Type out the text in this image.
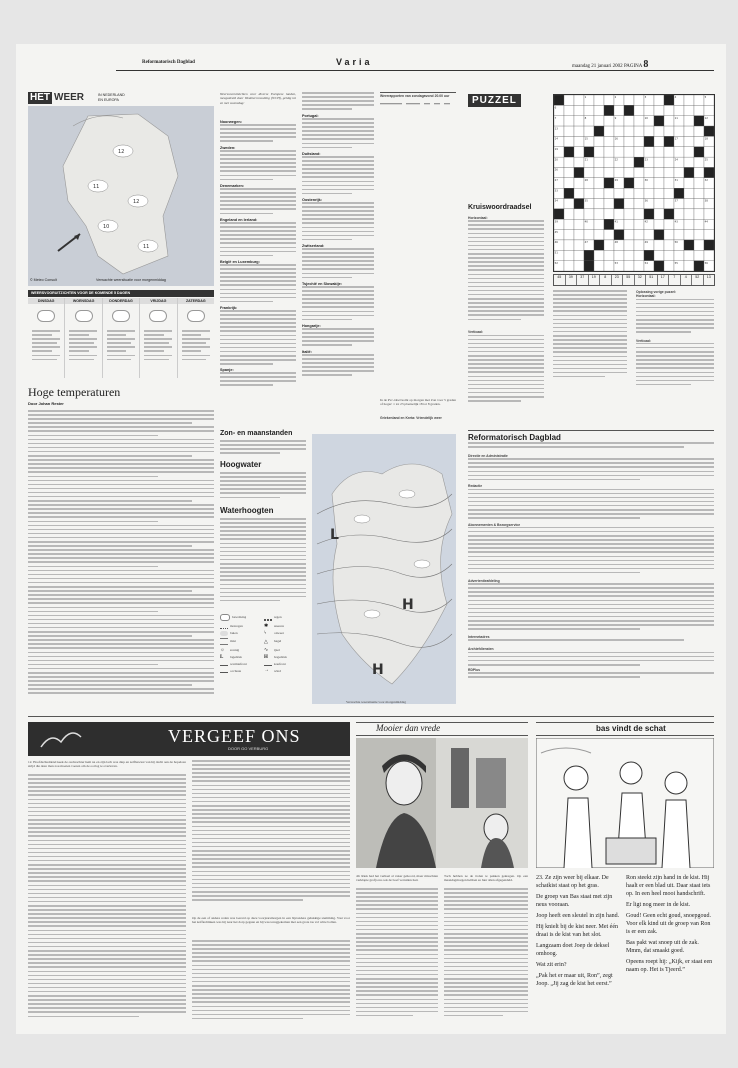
Reformatorisch Dagblad	Varia	maandag 21 januari 2002 PAGINA 8
HET WEER	IN NEDERLAND
EN EUROPA
12
11
12
10
11
© Meteo Consult	Verwachte weersituatie voor morgenmiddag
WEERSVOORUITZICHTEN VOOR DE KOMENDE 5 DAGEN
DINSDAG	WOENSDAG	DONDERDAG	VRIJDAG	ZATERDAG
Hoge temperaturen
Door Johan Rester
Weersvooruitzichten voor diverse Europese landen, meegedeeld door Weatherconsulting (WCH), geldig tot en met woensdag:
Noorwegen:
Zweden:
Denemarken:
Engeland en Ierland:
België en Luxemburg:
Frankrijk:
Spanje:
Portugal:
Duitsland:
Oostenrijk:
Zwitserland:
Tsjechië en Slowakije:
Hongarije:
Italië:
Weerrapporten van zondagavond 20.00 uur
In de Pvc-tabel komt op morgen mei Zon voor 5 graden of hoger: 1 tot 23 plaatselijk 18 tot 8 graden.
Griekenland en Kreta: Vriendelijk weer
Zon- en maanstanden
Hoogwater
Waterhoogten
bewolking	regen
motregen	✱	sneeuw
buien	ϟ	onweer
mist	△	hagel
☼	zonnig	∿	ijzel
L	lagedruk	H	hogedruk
warmtefront	koufront
occlusie	→	wind
L
H
H
Verwachte weersituatie voor morgenmiddag
PUZZEL
Kruiswoordraadsel
Horizontaal:
Verticaal:
1	2	3	4	5
6
7	8	9	10	11	12
13
14	15	16	17	18
19
20	21	22	23	24	25
26
27	28	29	30	31	32
33
34	35	36	37	38
39	40	41	42	43	44
45
46	47	48	49	50
51
52	53	54	55	56
45	39	37	19	8	23	55	32	51	17	7	4	52	13
Oplossing vorige puzzel:
Horizontaal:
Verticaal:
Reformatorisch Dagblad
Directie en Administratie
Redactie
Abonnementen & Bezorgservice
Advertentieafdeling
Internetadres
Archiefdiensten
RDPlus
VERGEEF ONS
DOOR GO VERBURG
12. Hoofdschuddend keek de oudwachter hem na en zijn lach was diep en zelfbewust van hij dacht aan de hopeloze strijd die deze man zou moeten voeren om de oorlog te overleven.
Op de een of andere reden was Gerard op deze voorjaarsmorgen in een bijzondere gelukkige stemming. Vast voor het koffiedrinken was hij naar het dorp gegaan en hij was teruggekomen met een grote tas vol witte bollen.
Mooier dan vrede
40. Riek had het verhaal al vaker gehoord, maar misschien verklapte grofja nu ook de boef verruilen had.
Toch hebben ze de Joden te pakken gekregen. Op een maandagmorgen hebben ze hier allen afgegendeld.
bas vindt de schat
23. Ze zijn weer bij elkaar. De schatkist staat op het gras.
De groep van Bas staat met zijn neus vooraan.
Joop heeft een sleutel in zijn hand.
Hij knielt bij de kist neer. Met één draai is de kist van het slot.
Langzaam doet Joep de deksel omhoog.
Wat zit erin?
„Pak het er maar uit, Ron”, zegt Joop. „Jij zag de kist het eerst.”
Ron steekt zijn hand in de kist. Hij haalt er een blad uit. Daar staat iets op. In een heel mooi handschrift.
Er ligt nog meer in de kist.
Goud! Geen echt goud, snoepgoud. Voor elk kind uit de groep van Ron is er een zak.
Bas pakt wat snoep uit de zak. Mmm, dat smaakt goed.
Opeens roept hij: „Kijk, er staat een naam op. Het is Tjeerd.”
